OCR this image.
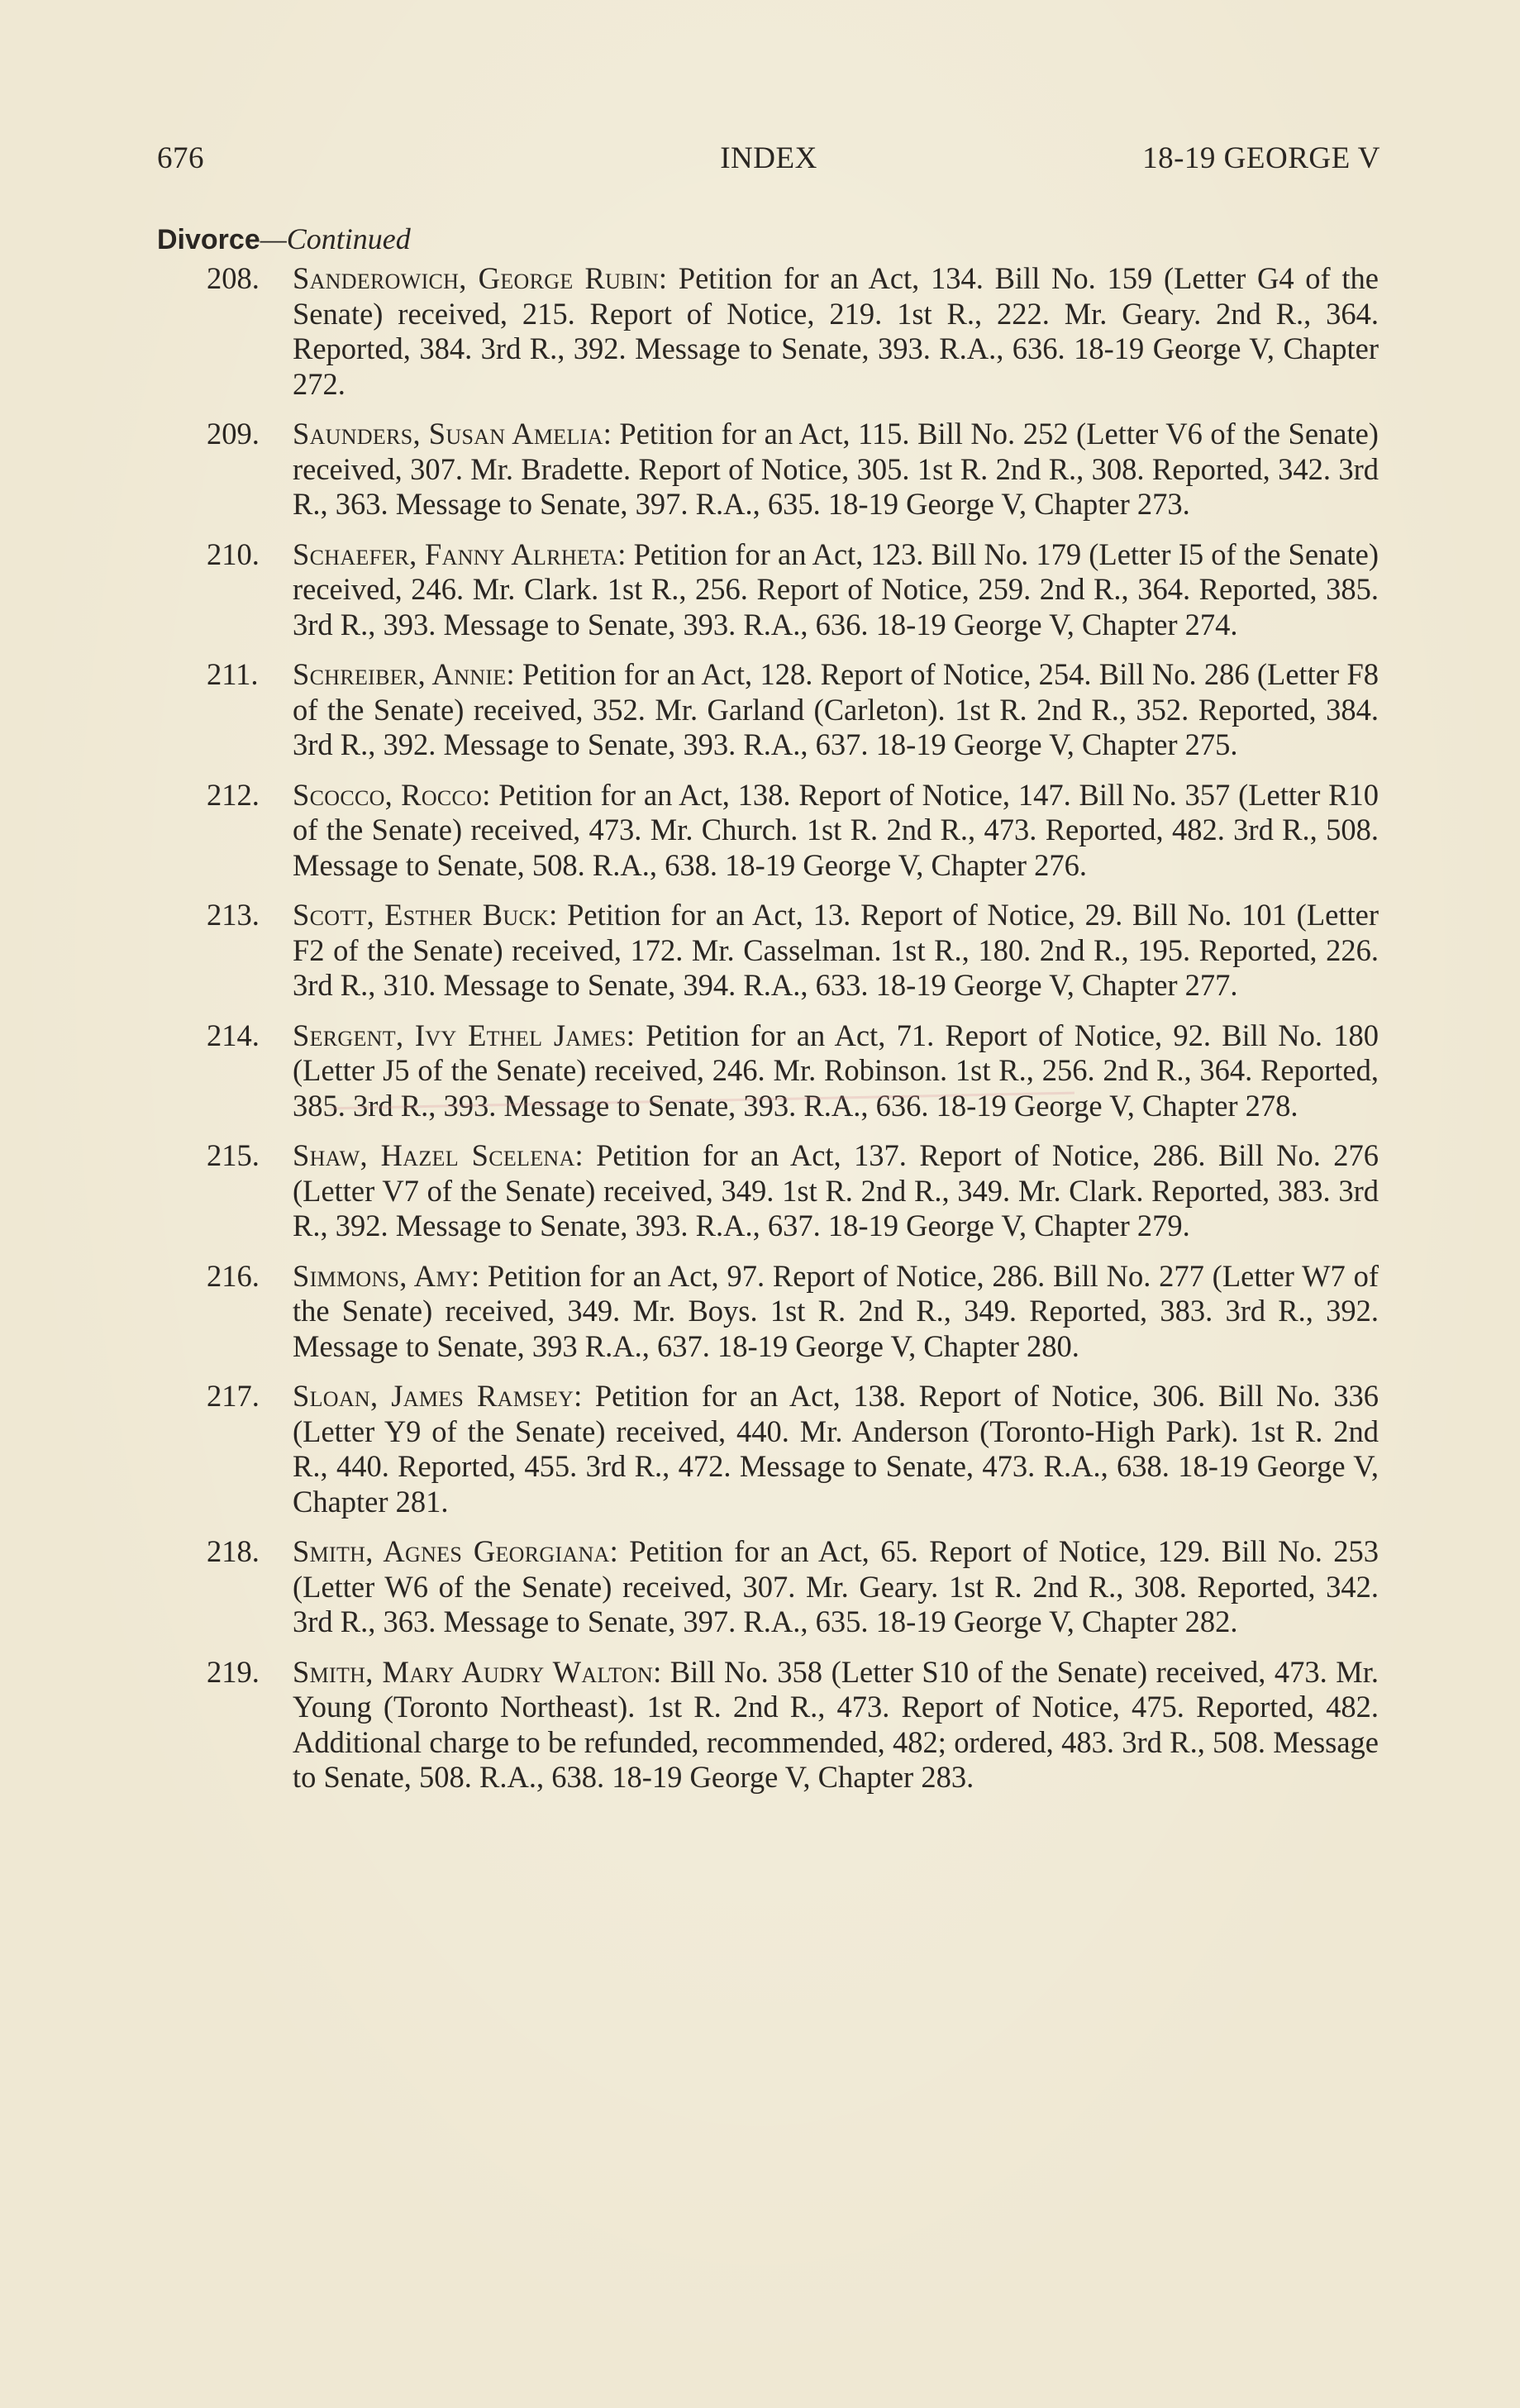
676	INDEX	18-19 GEORGE V
Divorce—Continued
208. Sanderowich, George Rubin: Petition for an Act, 134. Bill No. 159 (Letter G4 of the Senate) received, 215. Report of Notice, 219. 1st R., 222. Mr. Geary. 2nd R., 364. Reported, 384. 3rd R., 392. Message to Senate, 393. R.A., 636. 18-19 George V, Chapter 272.
209. Saunders, Susan Amelia: Petition for an Act, 115. Bill No. 252 (Letter V6 of the Senate) received, 307. Mr. Bradette. Report of Notice, 305. 1st R. 2nd R., 308. Reported, 342. 3rd R., 363. Message to Senate, 397. R.A., 635. 18-19 George V, Chapter 273.
210. Schaefer, Fanny Alrheta: Petition for an Act, 123. Bill No. 179 (Letter I5 of the Senate) received, 246. Mr. Clark. 1st R., 256. Report of Notice, 259. 2nd R., 364. Reported, 385. 3rd R., 393. Message to Senate, 393. R.A., 636. 18-19 George V, Chapter 274.
211. Schreiber, Annie: Petition for an Act, 128. Report of Notice, 254. Bill No. 286 (Letter F8 of the Senate) received, 352. Mr. Garland (Carleton). 1st R. 2nd R., 352. Reported, 384. 3rd R., 392. Message to Senate, 393. R.A., 637. 18-19 George V, Chapter 275.
212. Scocco, Rocco: Petition for an Act, 138. Report of Notice, 147. Bill No. 357 (Letter R10 of the Senate) received, 473. Mr. Church. 1st R. 2nd R., 473. Reported, 482. 3rd R., 508. Message to Senate, 508. R.A., 638. 18-19 George V, Chapter 276.
213. Scott, Esther Buck: Petition for an Act, 13. Report of Notice, 29. Bill No. 101 (Letter F2 of the Senate) received, 172. Mr. Casselman. 1st R., 180. 2nd R., 195. Reported, 226. 3rd R., 310. Message to Senate, 394. R.A., 633. 18-19 George V, Chapter 277.
214. Sergent, Ivy Ethel James: Petition for an Act, 71. Report of Notice, 92. Bill No. 180 (Letter J5 of the Senate) received, 246. Mr. Robinson. 1st R., 256. 2nd R., 364. Reported, 385. 3rd R., 393. Message to Senate, 393. R.A., 636. 18-19 George V, Chapter 278.
215. Shaw, Hazel Scelena: Petition for an Act, 137. Report of Notice, 286. Bill No. 276 (Letter V7 of the Senate) received, 349. 1st R. 2nd R., 349. Mr. Clark. Reported, 383. 3rd R., 392. Message to Senate, 393. R.A., 637. 18-19 George V, Chapter 279.
216. Simmons, Amy: Petition for an Act, 97. Report of Notice, 286. Bill No. 277 (Letter W7 of the Senate) received, 349. Mr. Boys. 1st R. 2nd R., 349. Reported, 383. 3rd R., 392. Message to Senate, 393 R.A., 637. 18-19 George V, Chapter 280.
217. Sloan, James Ramsey: Petition for an Act, 138. Report of Notice, 306. Bill No. 336 (Letter Y9 of the Senate) received, 440. Mr. Anderson (Toronto-High Park). 1st R. 2nd R., 440. Reported, 455. 3rd R., 472. Message to Senate, 473. R.A., 638. 18-19 George V, Chapter 281.
218. Smith, Agnes Georgiana: Petition for an Act, 65. Report of Notice, 129. Bill No. 253 (Letter W6 of the Senate) received, 307. Mr. Geary. 1st R. 2nd R., 308. Reported, 342. 3rd R., 363. Message to Senate, 397. R.A., 635. 18-19 George V, Chapter 282.
219. Smith, Mary Audry Walton: Bill No. 358 (Letter S10 of the Senate) received, 473. Mr. Young (Toronto Northeast). 1st R. 2nd R., 473. Report of Notice, 475. Reported, 482. Additional charge to be refunded, recommended, 482; ordered, 483. 3rd R., 508. Message to Senate, 508. R.A., 638. 18-19 George V, Chapter 283.
